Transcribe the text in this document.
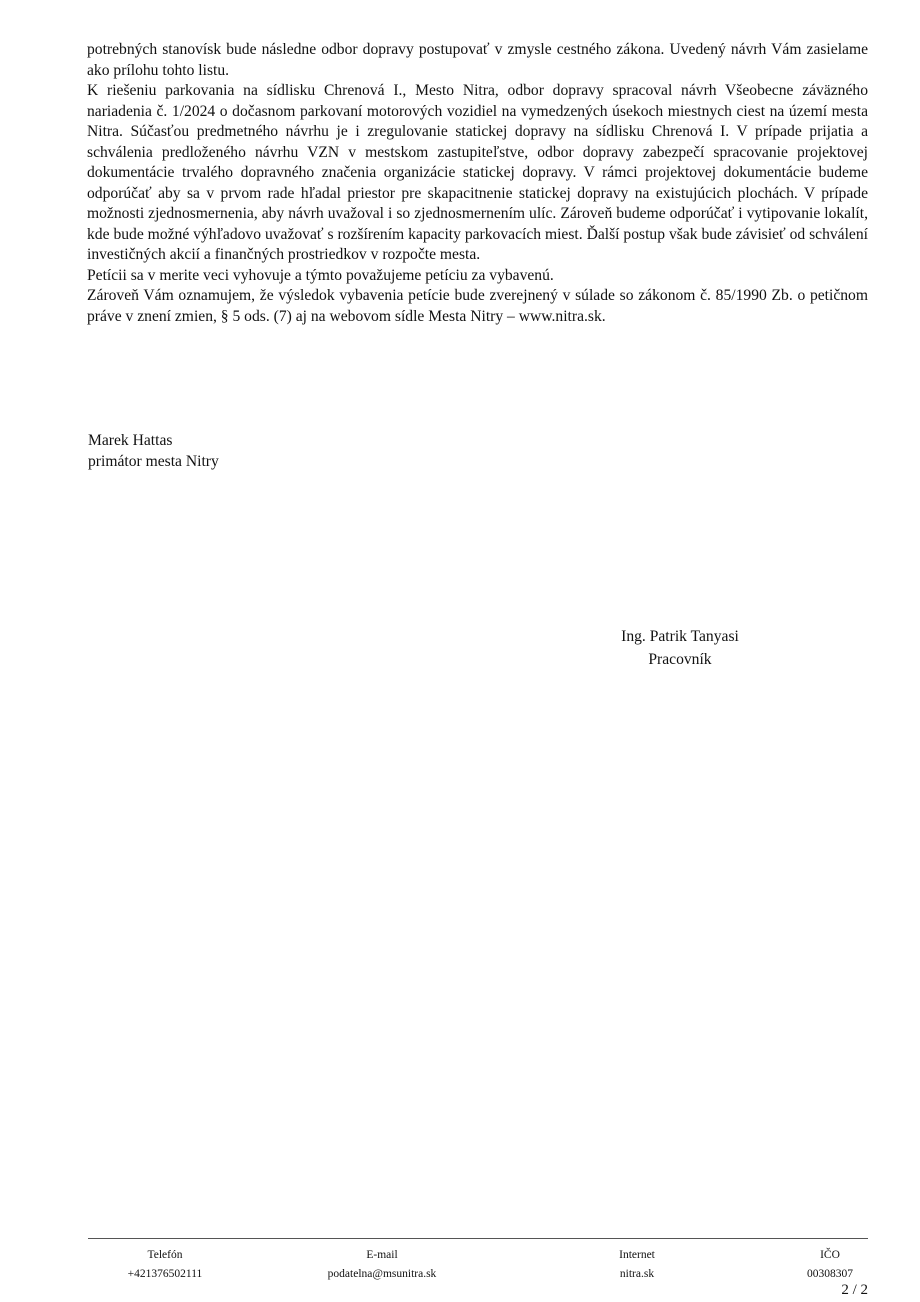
potrebných stanovísk bude následne odbor dopravy postupovať v zmysle cestného zákona. Uvedený návrh Vám zasielame ako prílohu tohto listu.

K riešeniu parkovania na sídlisku Chrenová I., Mesto Nitra, odbor dopravy spracoval návrh Všeobecne záväzného nariadenia č. 1/2024 o dočasnom parkovaní motorových vozidiel na vymedzených úsekoch miestnych ciest na území mesta Nitra. Súčasťou predmetného návrhu je i zregulovanie statickej dopravy na sídlisku Chrenová I. V prípade prijatia a schválenia predloženého návrhu VZN v mestskom zastupiteľstve, odbor dopravy zabezpečí spracovanie projektovej dokumentácie trvalého dopravného značenia organizácie statickej dopravy. V rámci projektovej dokumentácie budeme odporúčať aby sa v prvom rade hľadal priestor pre skapacitnenie statickej dopravy na existujúcich plochách. V prípade možnosti zjednosmernenia, aby návrh uvažoval i so zjednosmernením ulíc. Zároveň budeme odporúčať i vytipovanie lokalít, kde bude možné výhľadovo uvažovať s rozšírením kapacity parkovacích miest. Ďalší postup však bude závisieť od schválení investičných akcií a finančných prostriedkov v rozpočte mesta.

Petícii sa v merite veci vyhovuje a týmto považujeme petíciu za vybavenú.

Zároveň Vám oznamujem, že výsledok vybavenia petície bude zverejnený v súlade so zákonom č. 85/1990 Zb. o petičnom práve v znení zmien, § 5 ods. (7) aj na webovom sídle Mesta Nitry – www.nitra.sk.

Marek Hattas
primátor mesta Nitry
Ing. Patrik Tanyasi
Pracovník
Telefón
+421376502111
E-mail
podatelna@msunitra.sk
Internet
nitra.sk
IČO
00308307
2 / 2
